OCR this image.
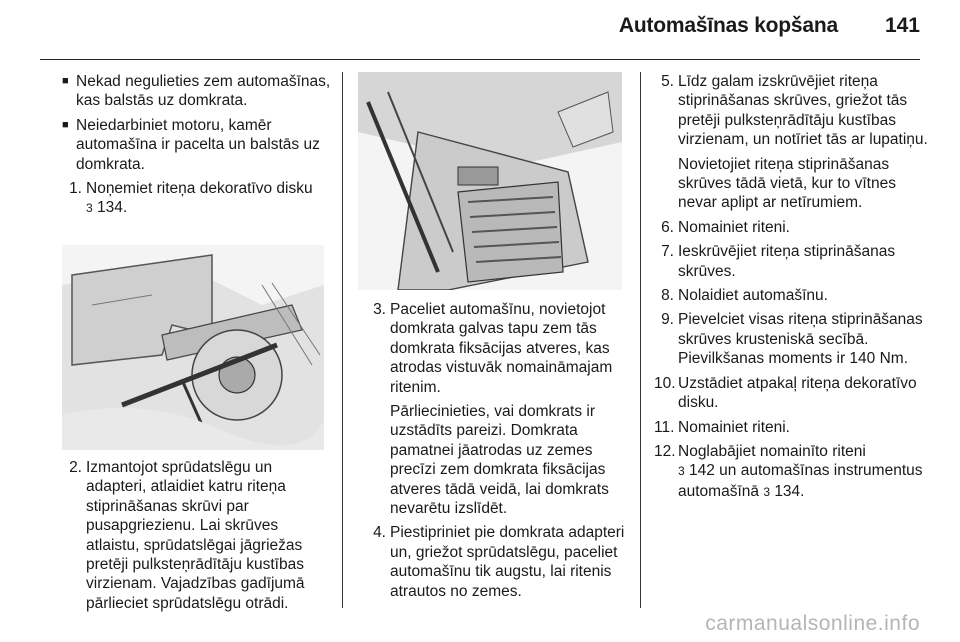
Automašīnas kopšana 141
■ Nekad negulieties zem automašīnas, kas balstās uz domkrata.
■ Neiedarbiniet motoru, kamēr automašīna ir pacelta un balstās uz domkrata.
1. Noņemiet riteņa dekoratīvo disku
3 134.
2. Izmantojot sprūdatslēgu un adapteri, atlaidiet katru riteņa stiprināšanas skrūvi par pusapgriezienu. Lai skrūves atlaistu, sprūdatslēgai jāgriežas pretēji pulksteņrādītāju kustības virzienam. Vajadzības gadījumā pārlieciet sprūdatslēgu otrādi.
3. Paceliet automašīnu, novietojot domkrata galvas tapu zem tās domkrata fiksācijas atveres, kas atrodas vistuvāk nomaināmajam ritenim.
Pārliecinieties, vai domkrats ir uzstādīts pareizi. Domkrata pamatnei jāatrodas uz zemes precīzi zem domkrata fiksācijas atveres tādā veidā, lai domkrats nevarētu izslīdēt.
4. Piestipriniet pie domkrata adapteri un, griežot sprūdatslēgu, paceliet automašīnu tik augstu, lai ritenis atrautos no zemes.
5. Līdz galam izskrūvējiet riteņa stiprināšanas skrūves, griežot tās pretēji pulksteņrādītāju kustības virzienam, un notīriet tās ar lupatiņu.
Novietojiet riteņa stiprināšanas skrūves tādā vietā, kur to vītnes nevar aplipt ar netīrumiem.
6. Nomainiet riteni.
7. Ieskrūvējiet riteņa stiprināšanas skrūves.
8. Nolaidiet automašīnu.
9. Pievelciet visas riteņa stiprināšanas skrūves krusteniskā secībā. Pievilkšanas moments ir 140 Nm.
10. Uzstādiet atpakaļ riteņa dekoratīvo disku.
11. Nomainiet riteni.
12. Noglabājiet nomainīto riteni
3 142 un automašīnas instrumentus automašīnā 3 134.
carmanualsonline.info
